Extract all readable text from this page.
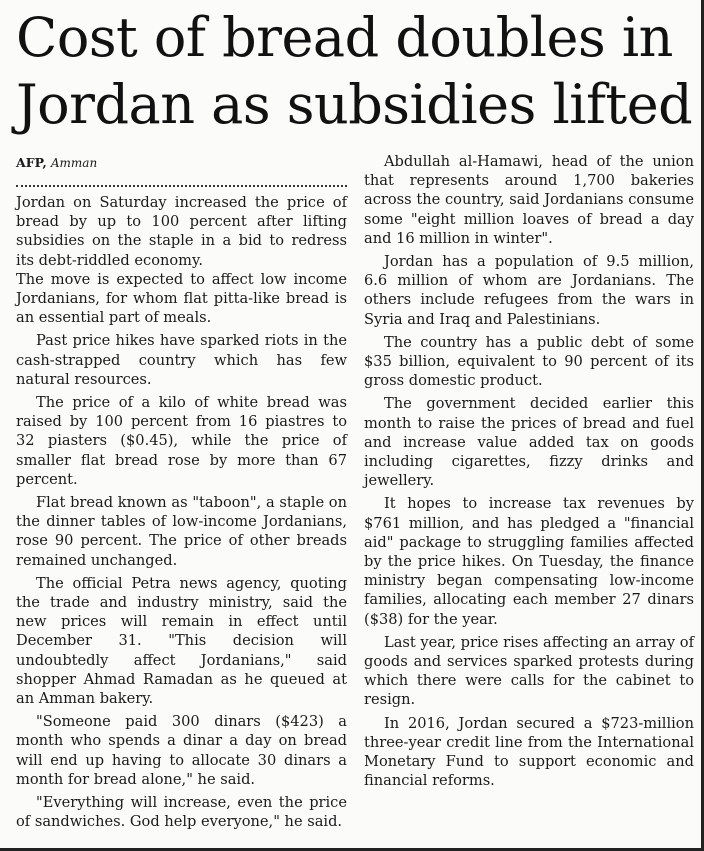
Cost of bread doubles in Jordan as subsidies lifted
AFP, Amman

Jordan on Saturday increased the price of bread by up to 100 percent after lifting subsidies on the staple in a bid to redress its debt-riddled economy.

The move is expected to affect low income Jordanians, for whom flat pitta-like bread is an essential part of meals.

Past price hikes have sparked riots in the cash-strapped country which has few natural resources.

The price of a kilo of white bread was raised by 100 percent from 16 piastres to 32 piasters ($0.45), while the price of smaller flat bread rose by more than 67 percent.

Flat bread known as "taboon", a staple on the dinner tables of low-income Jordanians, rose 90 percent. The price of other breads remained unchanged.

The official Petra news agency, quoting the trade and industry ministry, said the new prices will remain in effect until December 31. "This decision will undoubtedly affect Jordanians," said shopper Ahmad Ramadan as he queued at an Amman bakery.

"Someone paid 300 dinars ($423) a month who spends a dinar a day on bread will end up having to allocate 30 dinars a month for bread alone," he said.

"Everything will increase, even the price of sandwiches. God help everyone," he said.

Abdullah al-Hamawi, head of the union that represents around 1,700 bakeries across the country, said Jordanians consume some "eight million loaves of bread a day and 16 million in winter".

Jordan has a population of 9.5 million, 6.6 million of whom are Jordanians. The others include refugees from the wars in Syria and Iraq and Palestinians.

The country has a public debt of some $35 billion, equivalent to 90 percent of its gross domestic product.

The government decided earlier this month to raise the prices of bread and fuel and increase value added tax on goods including cigarettes, fizzy drinks and jewellery.

It hopes to increase tax revenues by $761 million, and has pledged a "financial aid" package to struggling families affected by the price hikes. On Tuesday, the finance ministry began compensating low-income families, allocating each member 27 dinars ($38) for the year.

Last year, price rises affecting an array of goods and services sparked protests during which there were calls for the cabinet to resign.

In 2016, Jordan secured a $723-million three-year credit line from the International Monetary Fund to support economic and financial reforms.
